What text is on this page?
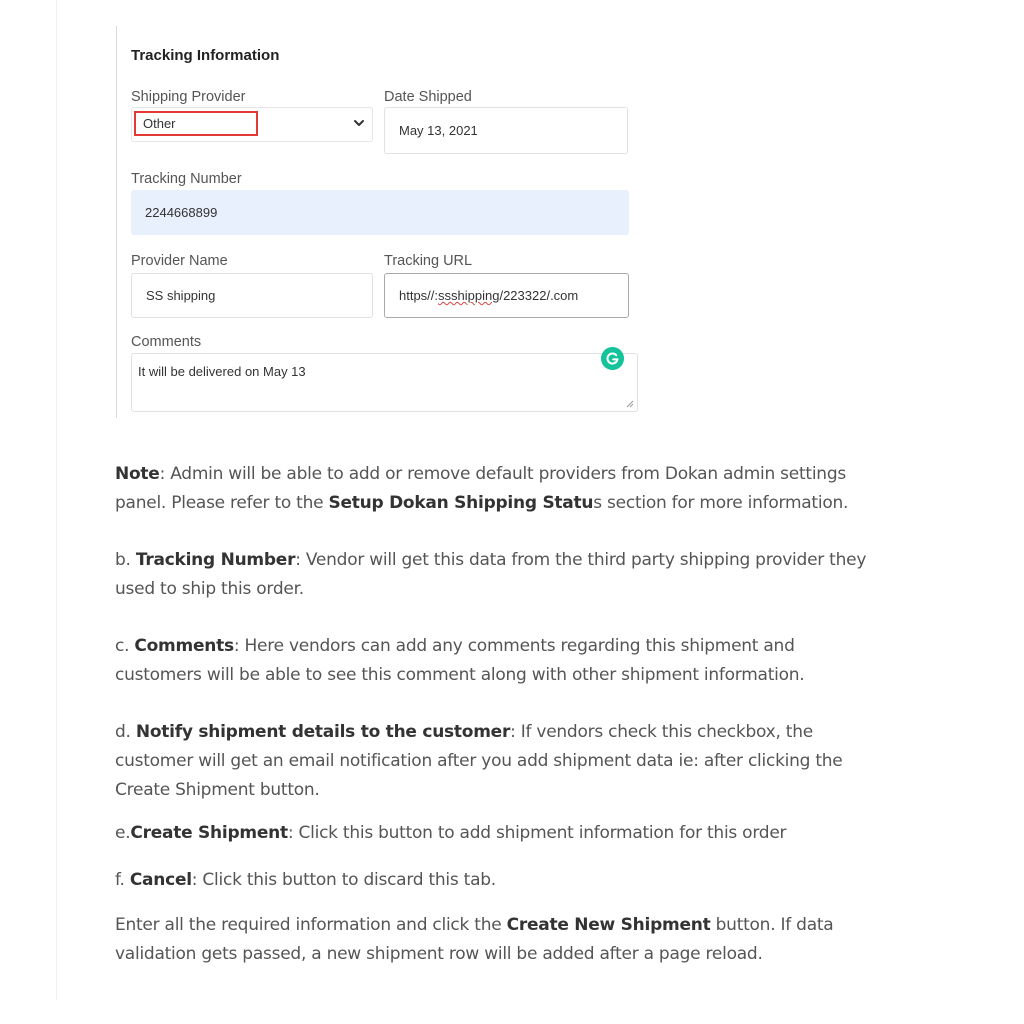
Tracking Information
Shipping Provider
Other
Date Shipped
May 13, 2021
Tracking Number
2244668899
Provider Name
SS shipping
Tracking URL
https//: ssshipping /223322/.com
Comments
It will be delivered on May 13
Note: Admin will be able to add or remove default providers from Dokan admin settings panel. Please refer to the Setup Dokan Shipping Status section for more information.
b. Tracking Number: Vendor will get this data from the third party shipping provider they used to ship this order.
c. Comments: Here vendors can add any comments regarding this shipment and customers will be able to see this comment along with other shipment information.
d. Notify shipment details to the customer: If vendors check this checkbox, the customer will get an email notification after you add shipment data ie: after clicking the Create Shipment button.
e.Create Shipment: Click this button to add shipment information for this order
f. Cancel: Click this button to discard this tab.
Enter all the required information and click the Create New Shipment button. If data validation gets passed, a new shipment row will be added after a page reload.
